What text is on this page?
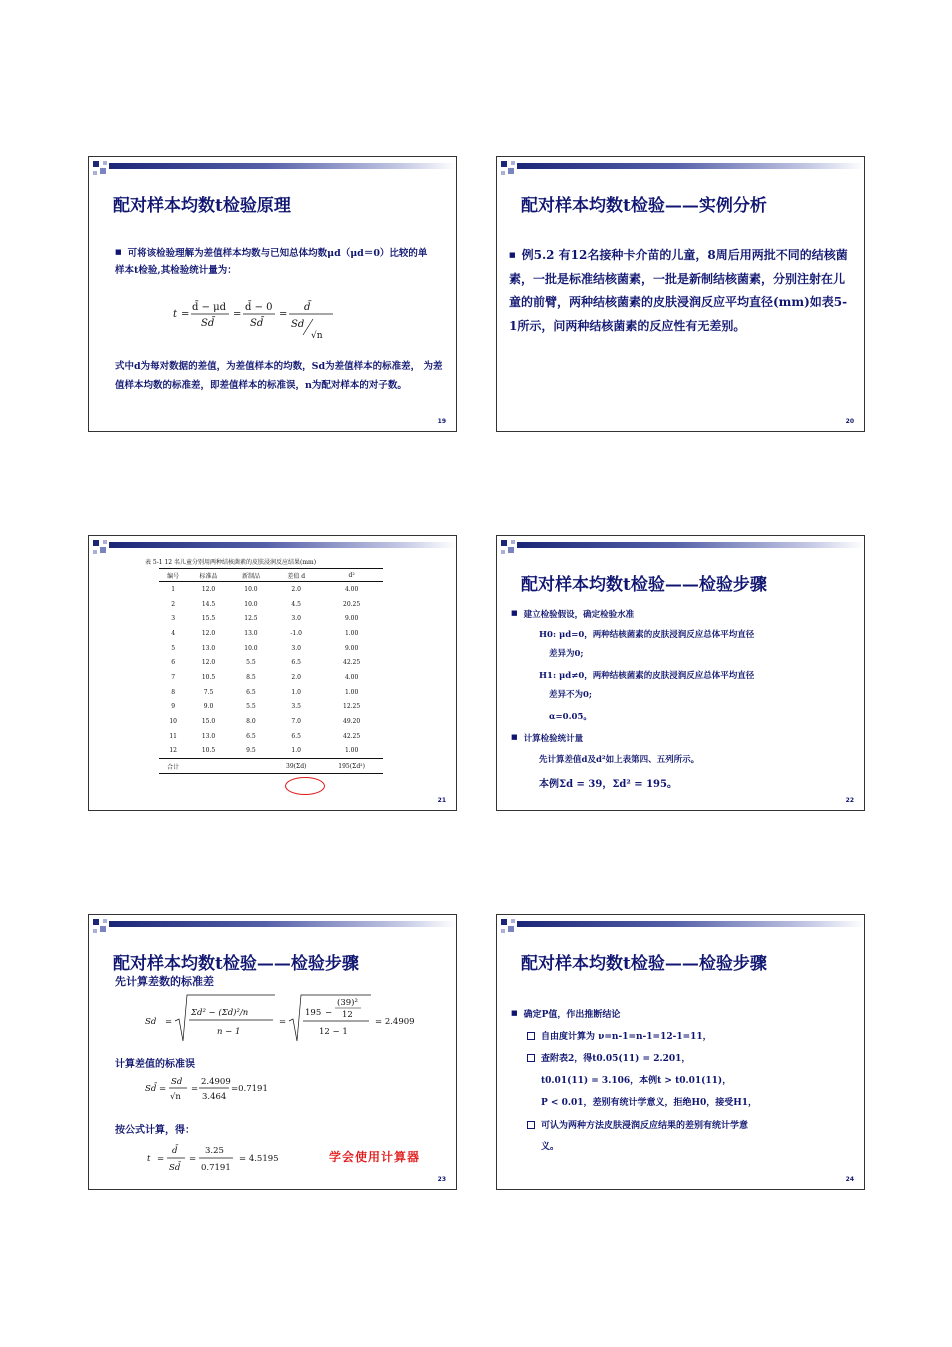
配对样本均数t检验原理
■ 可将该检验理解为差值样本均数与已知总体均数μd（μd＝0）比较的单样本t检验,其检验统计量为：
t =
d̄ − μd
Sd̄
=
d̄ − 0
Sd̄
=
d̄
Sd
√n
式中d为每对数据的差值，为差值样本的均数，Sd为差值样本的标准差， 为差值样本均数的标准差，即差值样本的标准误，n为配对样本的对子数。
19
配对样本均数t检验——实例分析
■ 例5.2 有12名接种卡介苗的儿童，8周后用两批不同的结核菌素，一批是标准结核菌素，一批是新制结核菌素，分别注射在儿童的前臂，两种结核菌素的皮肤浸润反应平均直径(mm)如表5-1所示，问两种结核菌素的反应性有无差别。
20
表 5-1 12 名儿童分别用两种结核菌素的皮肤浸润反应结果(mm)
编号	标准品	新制品	差值 d	d²
1	12.0	10.0	2.0	4.00
2	14.5	10.0	4.5	20.25
3	15.5	12.5	3.0	9.00
4	12.0	13.0	-1.0	1.00
5	13.0	10.0	3.0	9.00
6	12.0	5.5	6.5	42.25
7	10.5	8.5	2.0	4.00
8	7.5	6.5	1.0	1.00
9	9.0	5.5	3.5	12.25
10	15.0	8.0	7.0	49.20
11	13.0	6.5	6.5	42.25
12	10.5	9.5	1.0	1.00
合计			39(Σd)	195(Σd²)
21
配对样本均数t检验——检验步骤
■ 建立检验假设，确定检验水准
H0: μd=0，两种结核菌素的皮肤浸润反应总体平均直径
差异为0;
H1: μd≠0，两种结核菌素的皮肤浸润反应总体平均直径
差异不为0;
α=0.05。
■ 计算检验统计量
先计算差值d及d²如上表第四、五列所示。
本例Σd = 39，Σd² = 195。
22
配对样本均数t检验——检验步骤
先计算差数的标准差
Sd =
Σd² − (Σd)²/n
n − 1
=
195 −
(39)²
12
12 − 1
= 2.4909
计算差值的标准误
Sd̄ =
Sd
√n
=
2.4909
3.464
=0.7191
按公式计算，得：
t =
d̄
Sd̄
=
3.25
0.7191
= 4.5195	学会使用计算器
23
配对样本均数t检验——检验步骤
■ 确定P值，作出推断结论
自由度计算为 ν=n-1=n-1=12-1=11，
查附表2，得t0.05(11) = 2.201，
t0.01(11) = 3.106，本例t > t0.01(11)，
P < 0.01，差别有统计学意义，拒绝H0，接受H1，
可认为两种方法皮肤浸润反应结果的差别有统计学意
义。
24
